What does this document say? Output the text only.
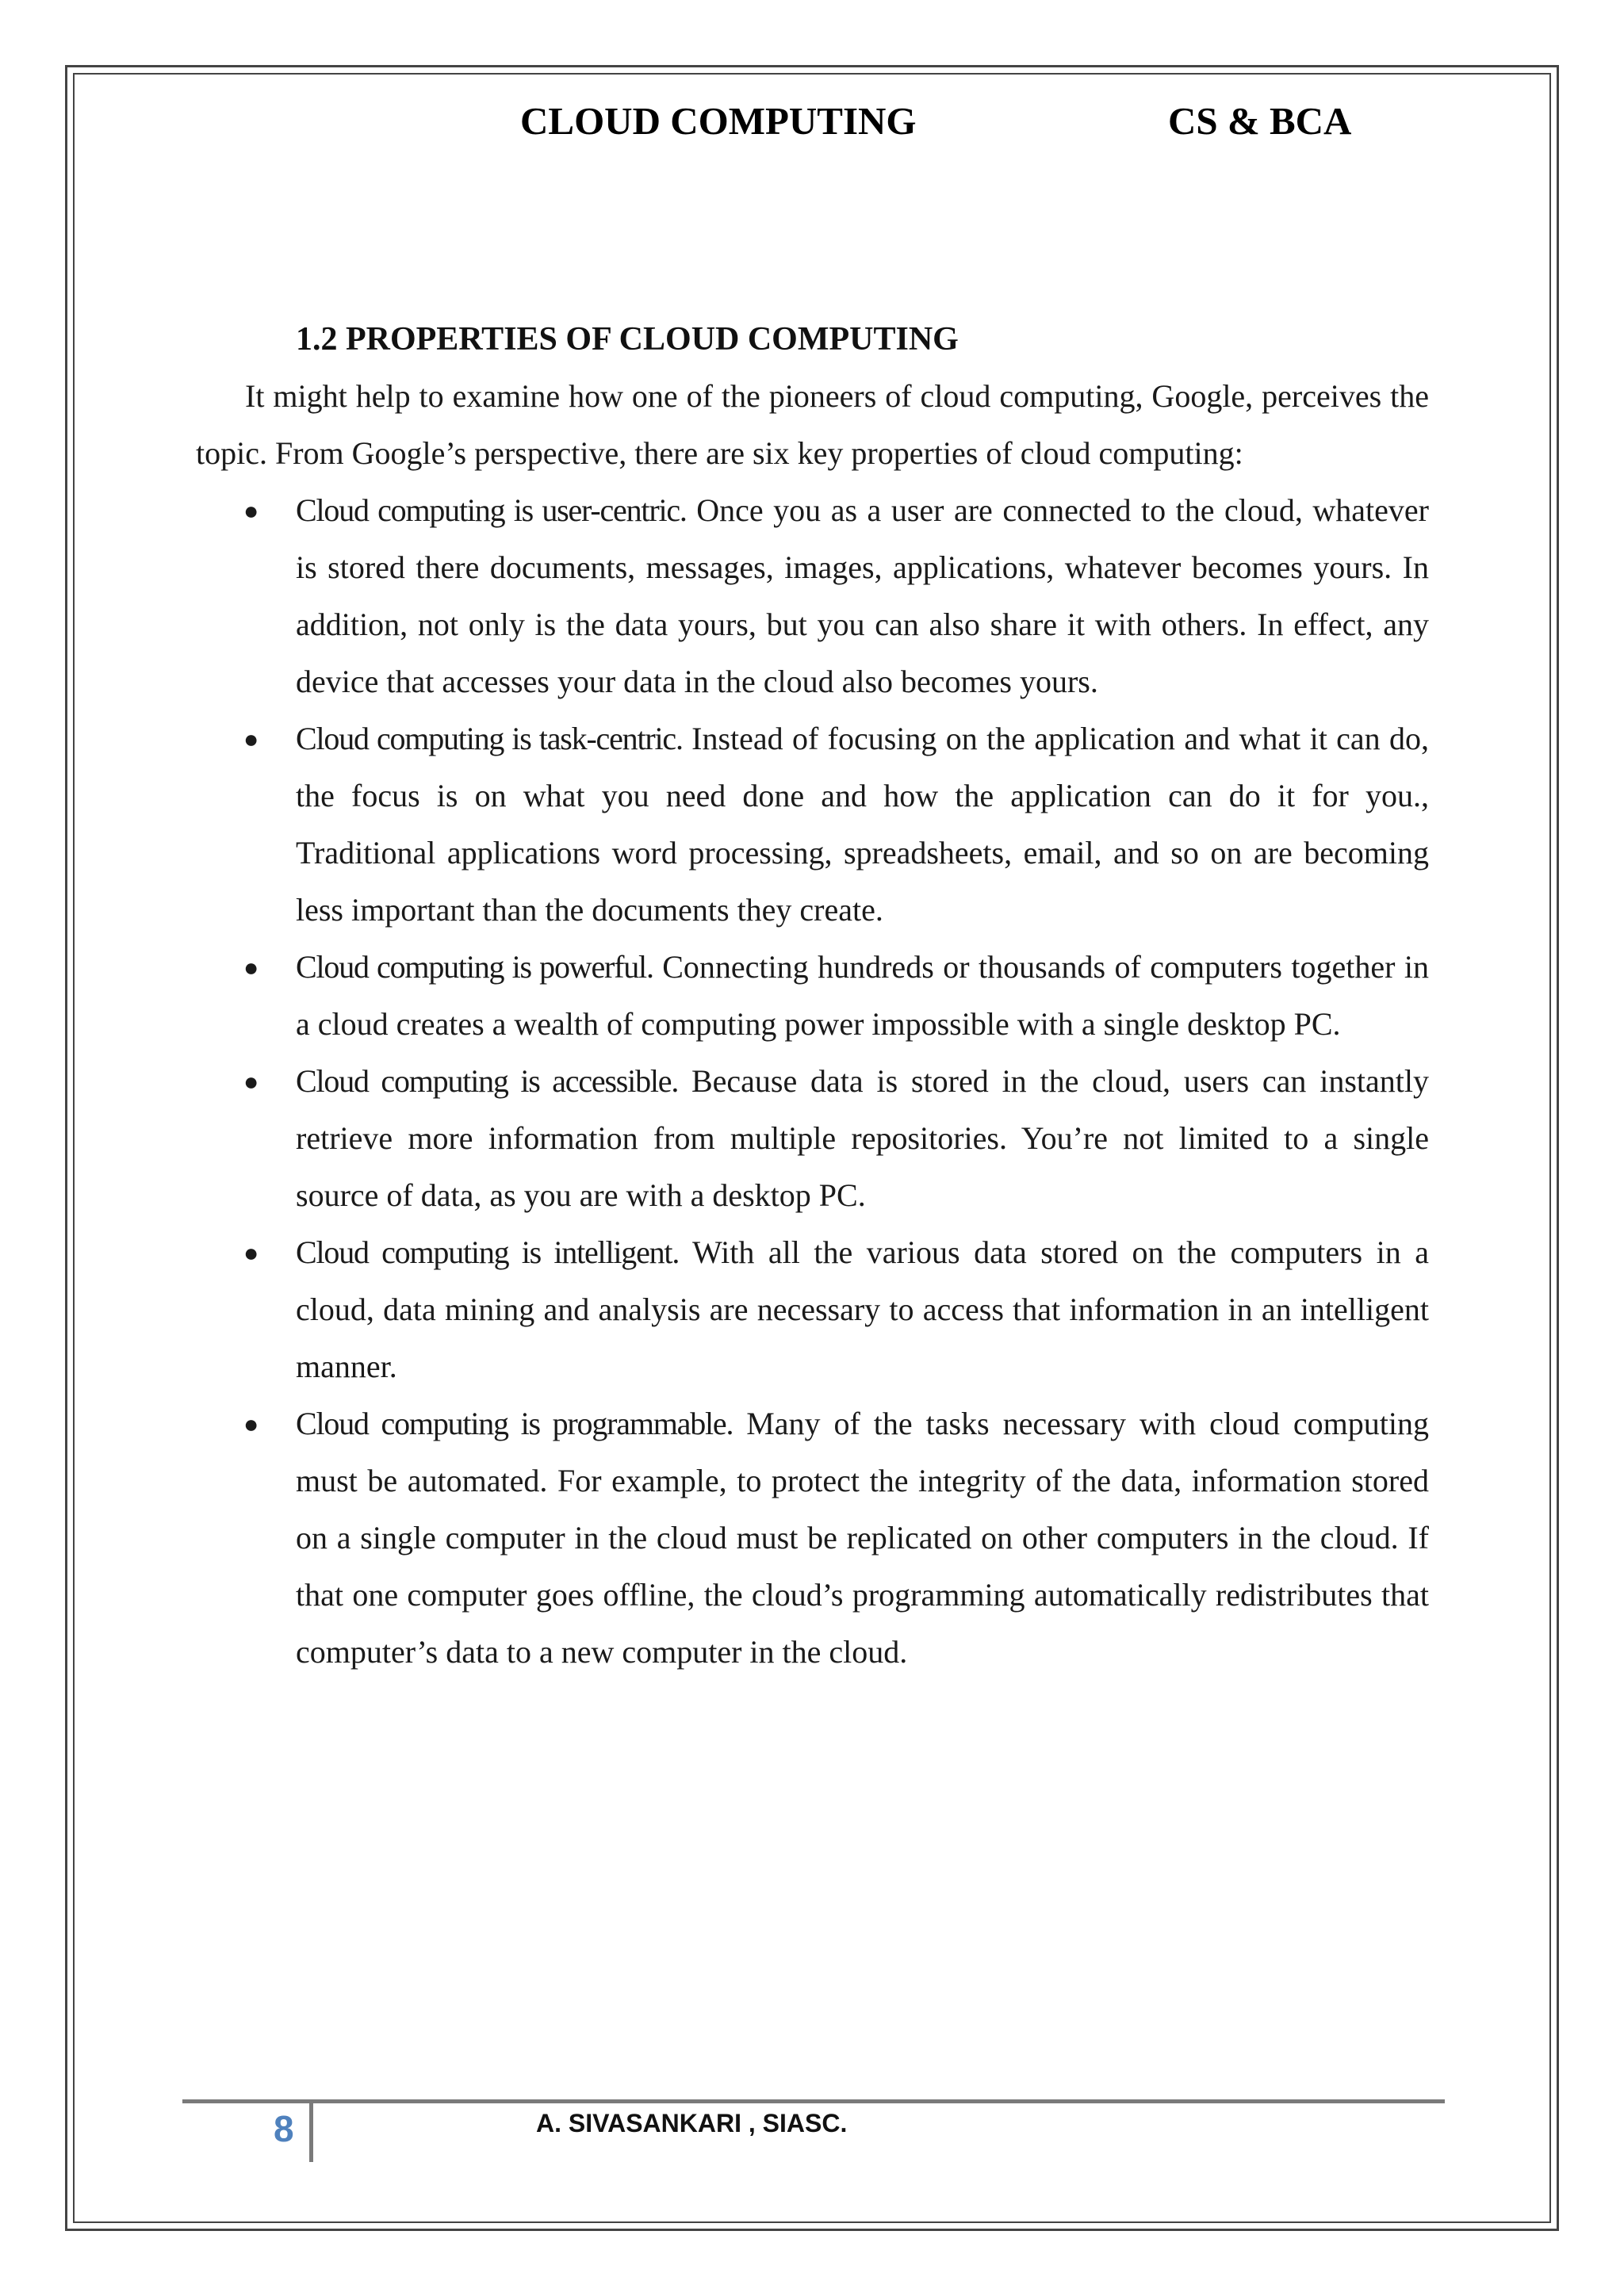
CLOUD COMPUTING	CS & BCA
1.2 PROPERTIES OF CLOUD COMPUTING

It might help to examine how one of the pioneers of cloud computing, Google, perceives the topic. From Google’s perspective, there are six key properties of cloud computing:

● Cloud computing is user-centric. Once you as a user are connected to the cloud, whatever is stored there documents, messages, images, applications, whatever becomes yours. In addition, not only is the data yours, but you can also share it with others. In effect, any device that accesses your data in the cloud also becomes yours.
● Cloud computing is task-centric. Instead of focusing on the application and what it can do, the focus is on what you need done and how the application can do it for you., Traditional applications word processing, spreadsheets, email, and so on are becoming less important than the documents they create.
● Cloud computing is powerful. Connecting hundreds or thousands of computers together in a cloud creates a wealth of computing power impossible with a single desktop PC.
● Cloud computing is accessible. Because data is stored in the cloud, users can instantly retrieve more information from multiple repositories. You’re not limited to a single source of data, as you are with a desktop PC.
● Cloud computing is intelligent. With all the various data stored on the computers in a cloud, data mining and analysis are necessary to access that information in an intelligent manner.
● Cloud computing is programmable. Many of the tasks necessary with cloud computing must be automated. For example, to protect the integrity of the data, information stored on a single computer in the cloud must be replicated on other computers in the cloud. If that one computer goes offline, the cloud’s programming automatically redistributes that computer’s data to a new computer in the cloud.
8	A. SIVASANKARI , SIASC.
